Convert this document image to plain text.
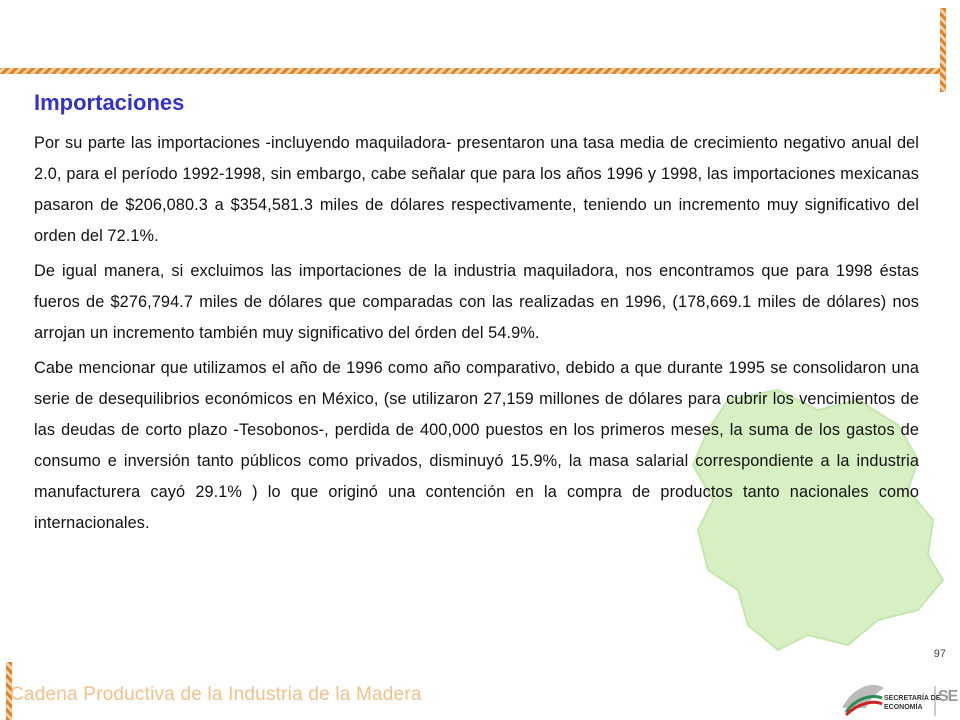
Importaciones

Por su parte las importaciones -incluyendo maquiladora- presentaron una tasa media de crecimiento negativo anual del 2.0, para el período 1992-1998, sin embargo, cabe señalar que para los años 1996 y 1998, las importaciones mexicanas pasaron de $206,080.3 a $354,581.3 miles de dólares respectivamente, teniendo un incremento muy significativo del orden del 72.1%.

De igual manera, si excluimos las importaciones de la industria maquiladora, nos encontramos que para 1998 éstas fueros de $276,794.7 miles de dólares que comparadas con las realizadas en 1996, (178,669.1 miles de dólares) nos arrojan un incremento también muy significativo del órden del 54.9%.

Cabe mencionar que utilizamos el año de 1996 como año comparativo, debido a que durante 1995 se consolidaron una serie de desequilibrios económicos en México, (se utilizaron 27,159 millones de dólares para cubrir los vencimientos de las deudas de corto plazo -Tesobonos-, perdida de 400,000 puestos en los primeros meses, la suma de los gastos de consumo e inversión tanto públicos como privados, disminuyó 15.9%, la masa salarial correspondiente a la industria manufacturera cayó 29.1% ) lo que originó una contención en la compra de productos tanto nacionales como internacionales.

97
Cadena Productiva de la Industria de la Madera	SECRETARÍA DE
ECONOMÍA
SE
